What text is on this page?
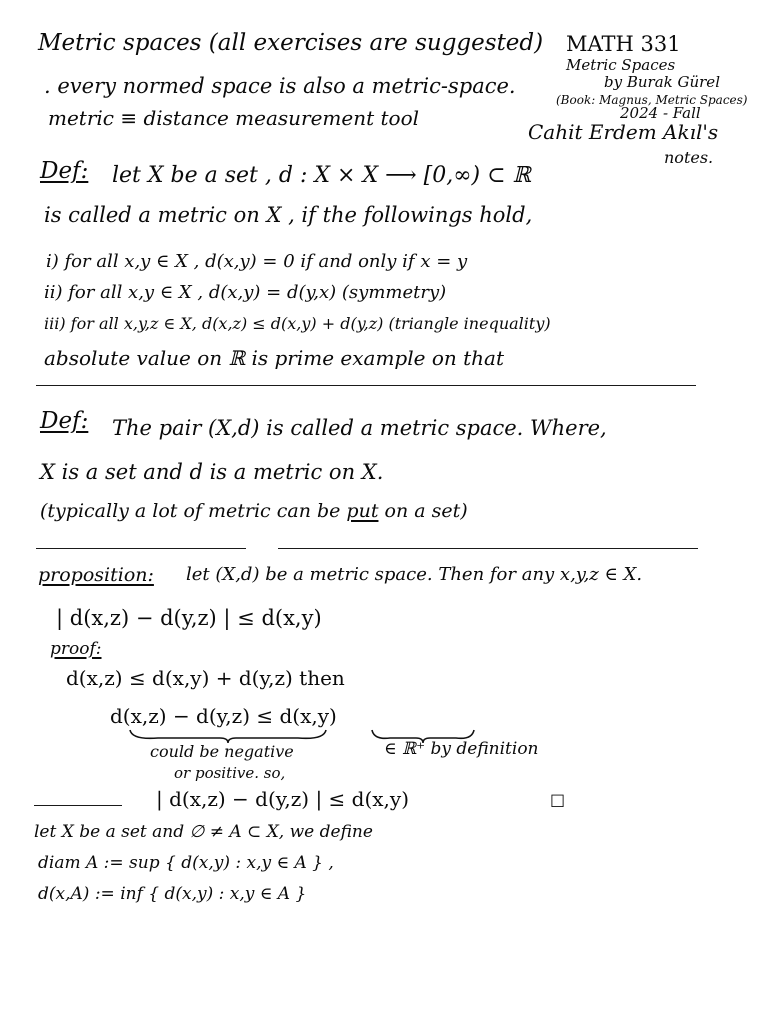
Metric spaces (all exercises are suggested)
. every normed space is also a metric-space.
metric ≡ distance measurement tool
MATH 331
Metric Spaces
by Burak Gürel
(Book: Magnus, Metric Spaces)
2024 - Fall
Cahit Erdem Akıl's
notes.
Def: let X be a set , d : X × X ⟶ [0,∞) ⊂ ℝ
is called a metric on X , if the followings hold,
i) for all x,y ∈ X , d(x,y) = 0 if and only if x = y
ii) for all x,y ∈ X , d(x,y) = d(y,x) (symmetry)
iii) for all x,y,z ∈ X, d(x,z) ≤ d(x,y) + d(y,z) (triangle inequality)
absolute value on ℝ is prime example on that
Def: The pair (X,d) is called a metric space. Where,
X is a set and d is a metric on X.
(typically a lot of metric can be put on a set)
proposition: let (X,d) be a metric space. Then for any x,y,z ∈ X.
| d(x,z) − d(y,z) | ≤ d(x,y)
proof:
d(x,z) ≤ d(x,y) + d(y,z) then
d(x,z) − d(y,z) ≤ d(x,y)
could be negative
or positive. so,
∈ ℝ⁺ by definition
| d(x,z) − d(y,z) | ≤ d(x,y)	□
let X be a set and ∅ ≠ A ⊂ X, we define
diam A := sup { d(x,y) : x,y ∈ A } ,
d(x,A) := inf { d(x,y) : x,y ∈ A }
